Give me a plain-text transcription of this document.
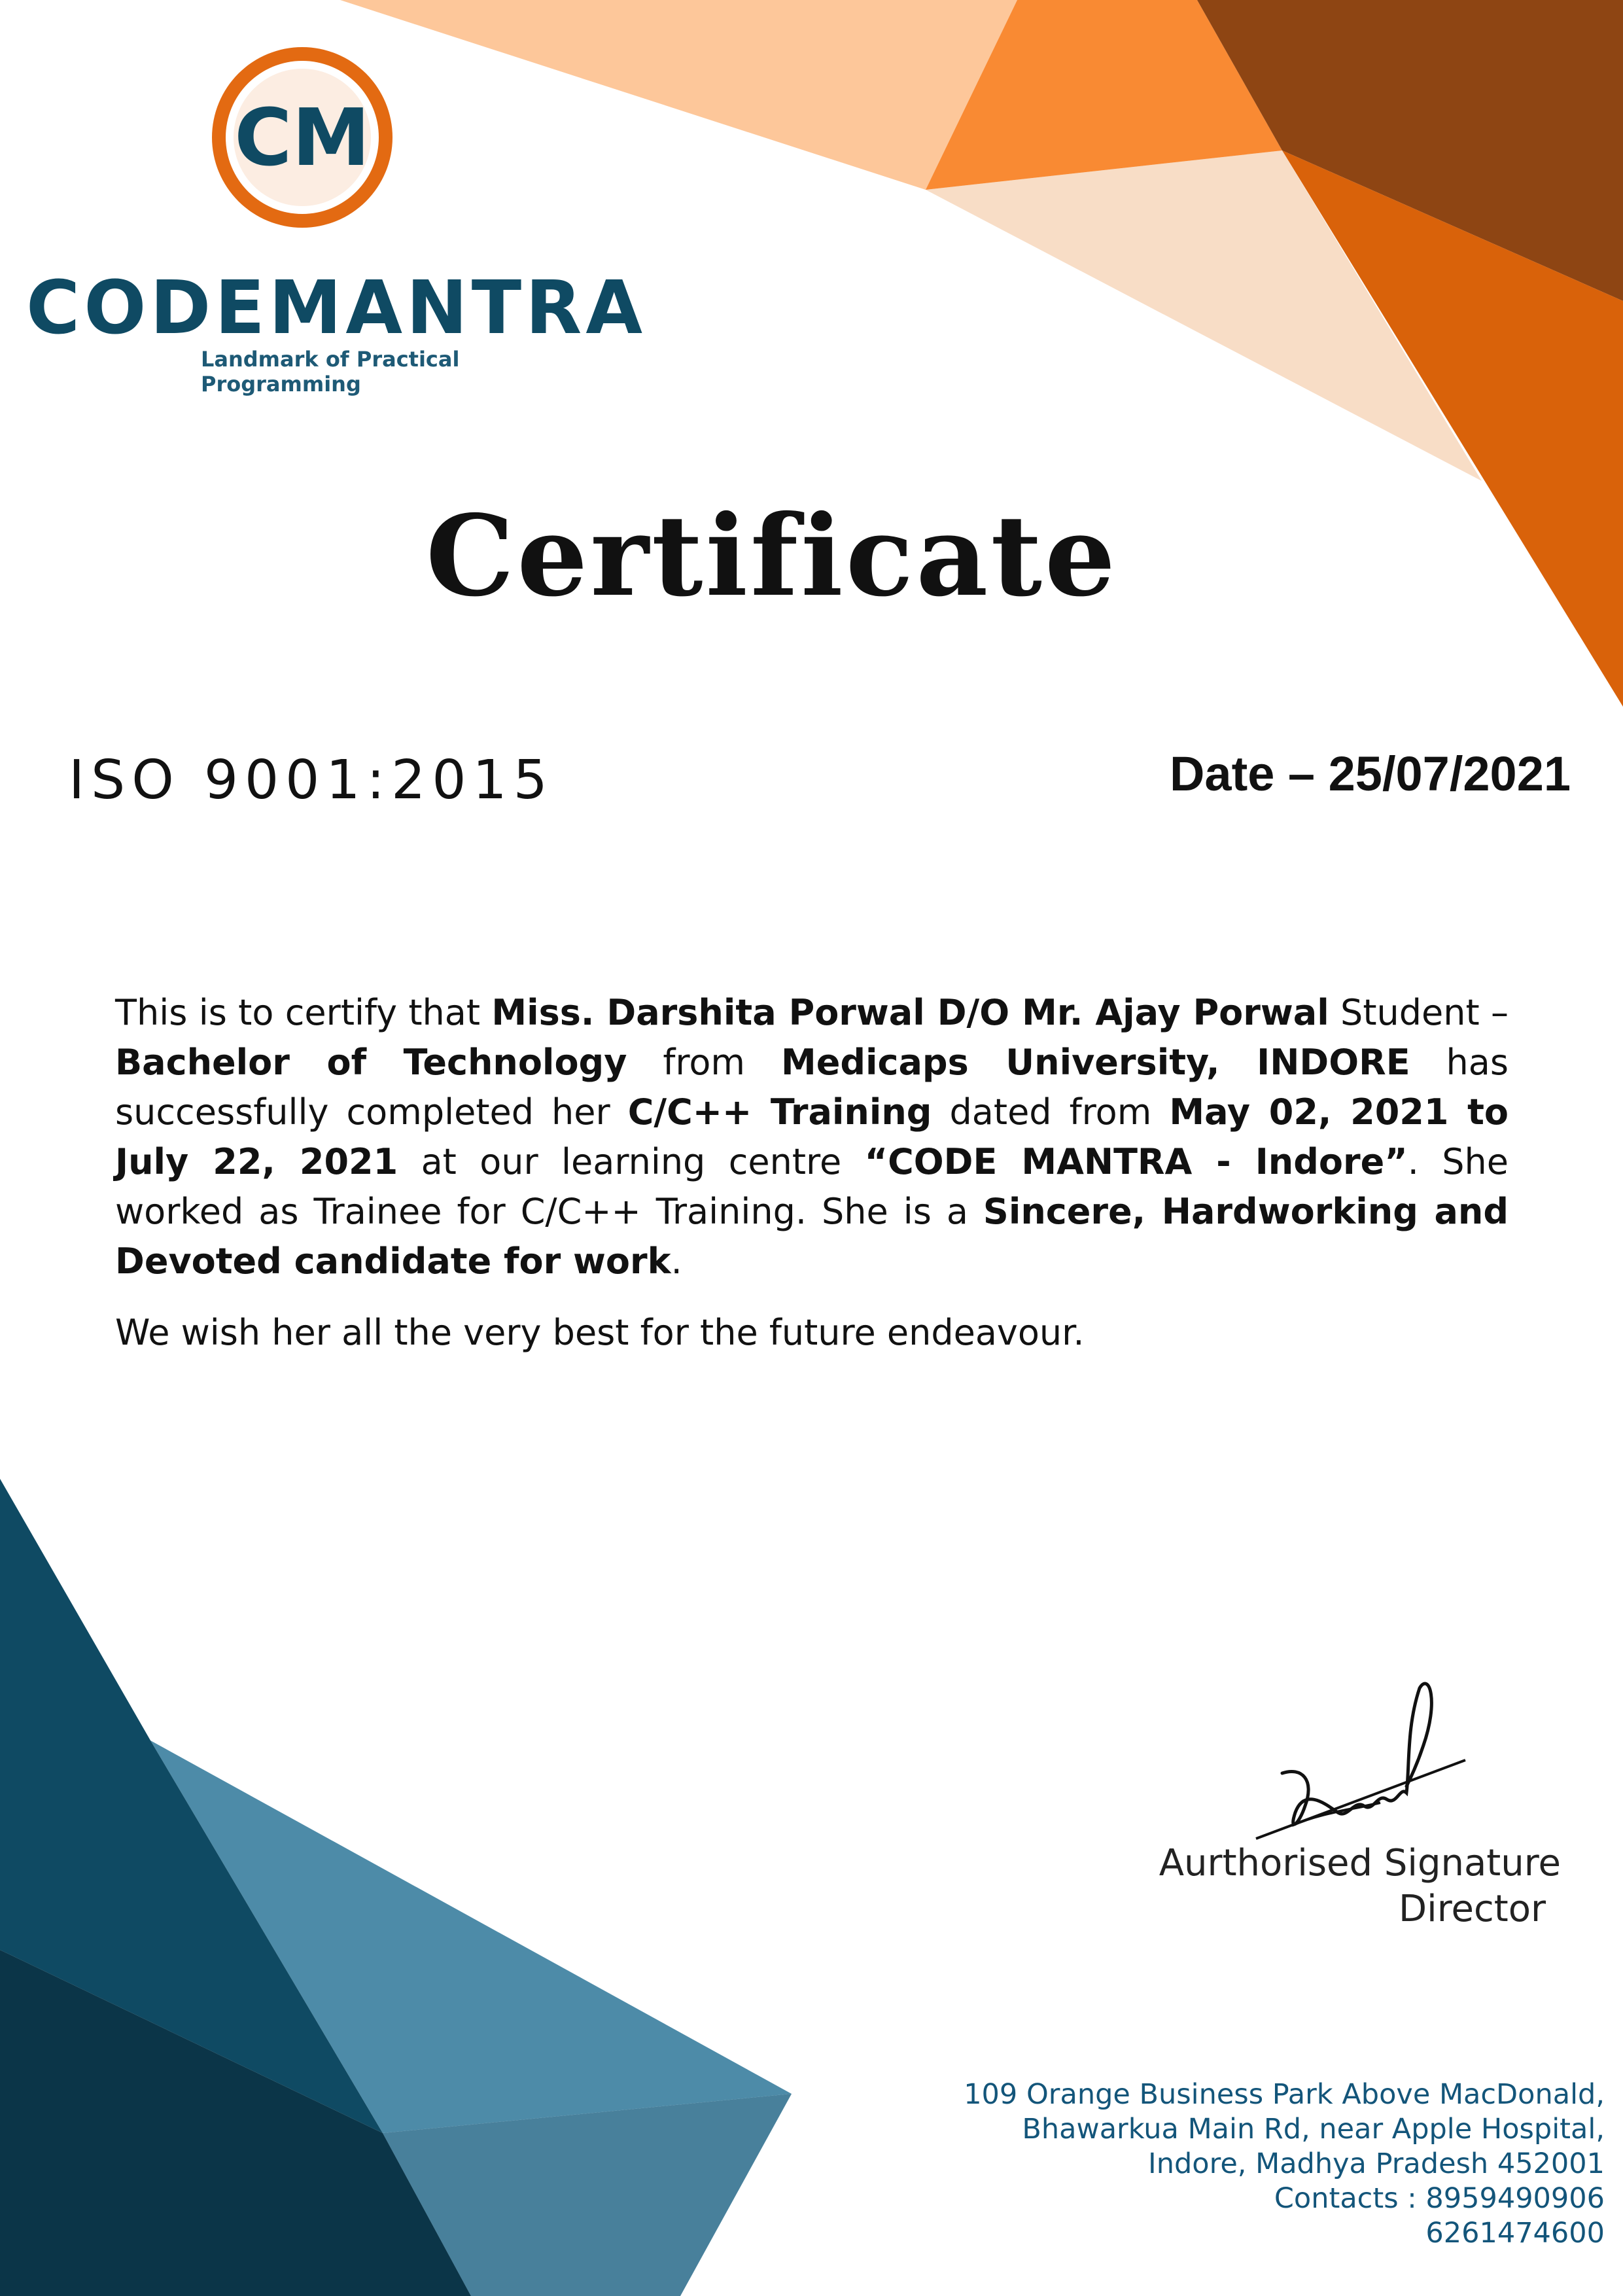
CM
CODEMANTRA
Landmark of Practical Programming
Certificate
ISO 9001:2015	Date – 25/07/2021
This is to certify that Miss. Darshita Porwal D/O Mr. Ajay Porwal Student – Bachelor of Technology from Medicaps University, INDORE has successfully completed her C/C++ Training dated from May 02, 2021 to July 22, 2021 at our learning centre “CODE MANTRA - Indore”. She worked as Trainee for C/C++ Training. She is a Sincere, Hardworking and Devoted candidate for work.
We wish her all the very best for the future endeavour.
Aurthorised Signature
Director
109 Orange Business Park Above MacDonald,
Bhawarkua Main Rd, near Apple Hospital,
Indore, Madhya Pradesh 452001
Contacts : 8959490906
6261474600
